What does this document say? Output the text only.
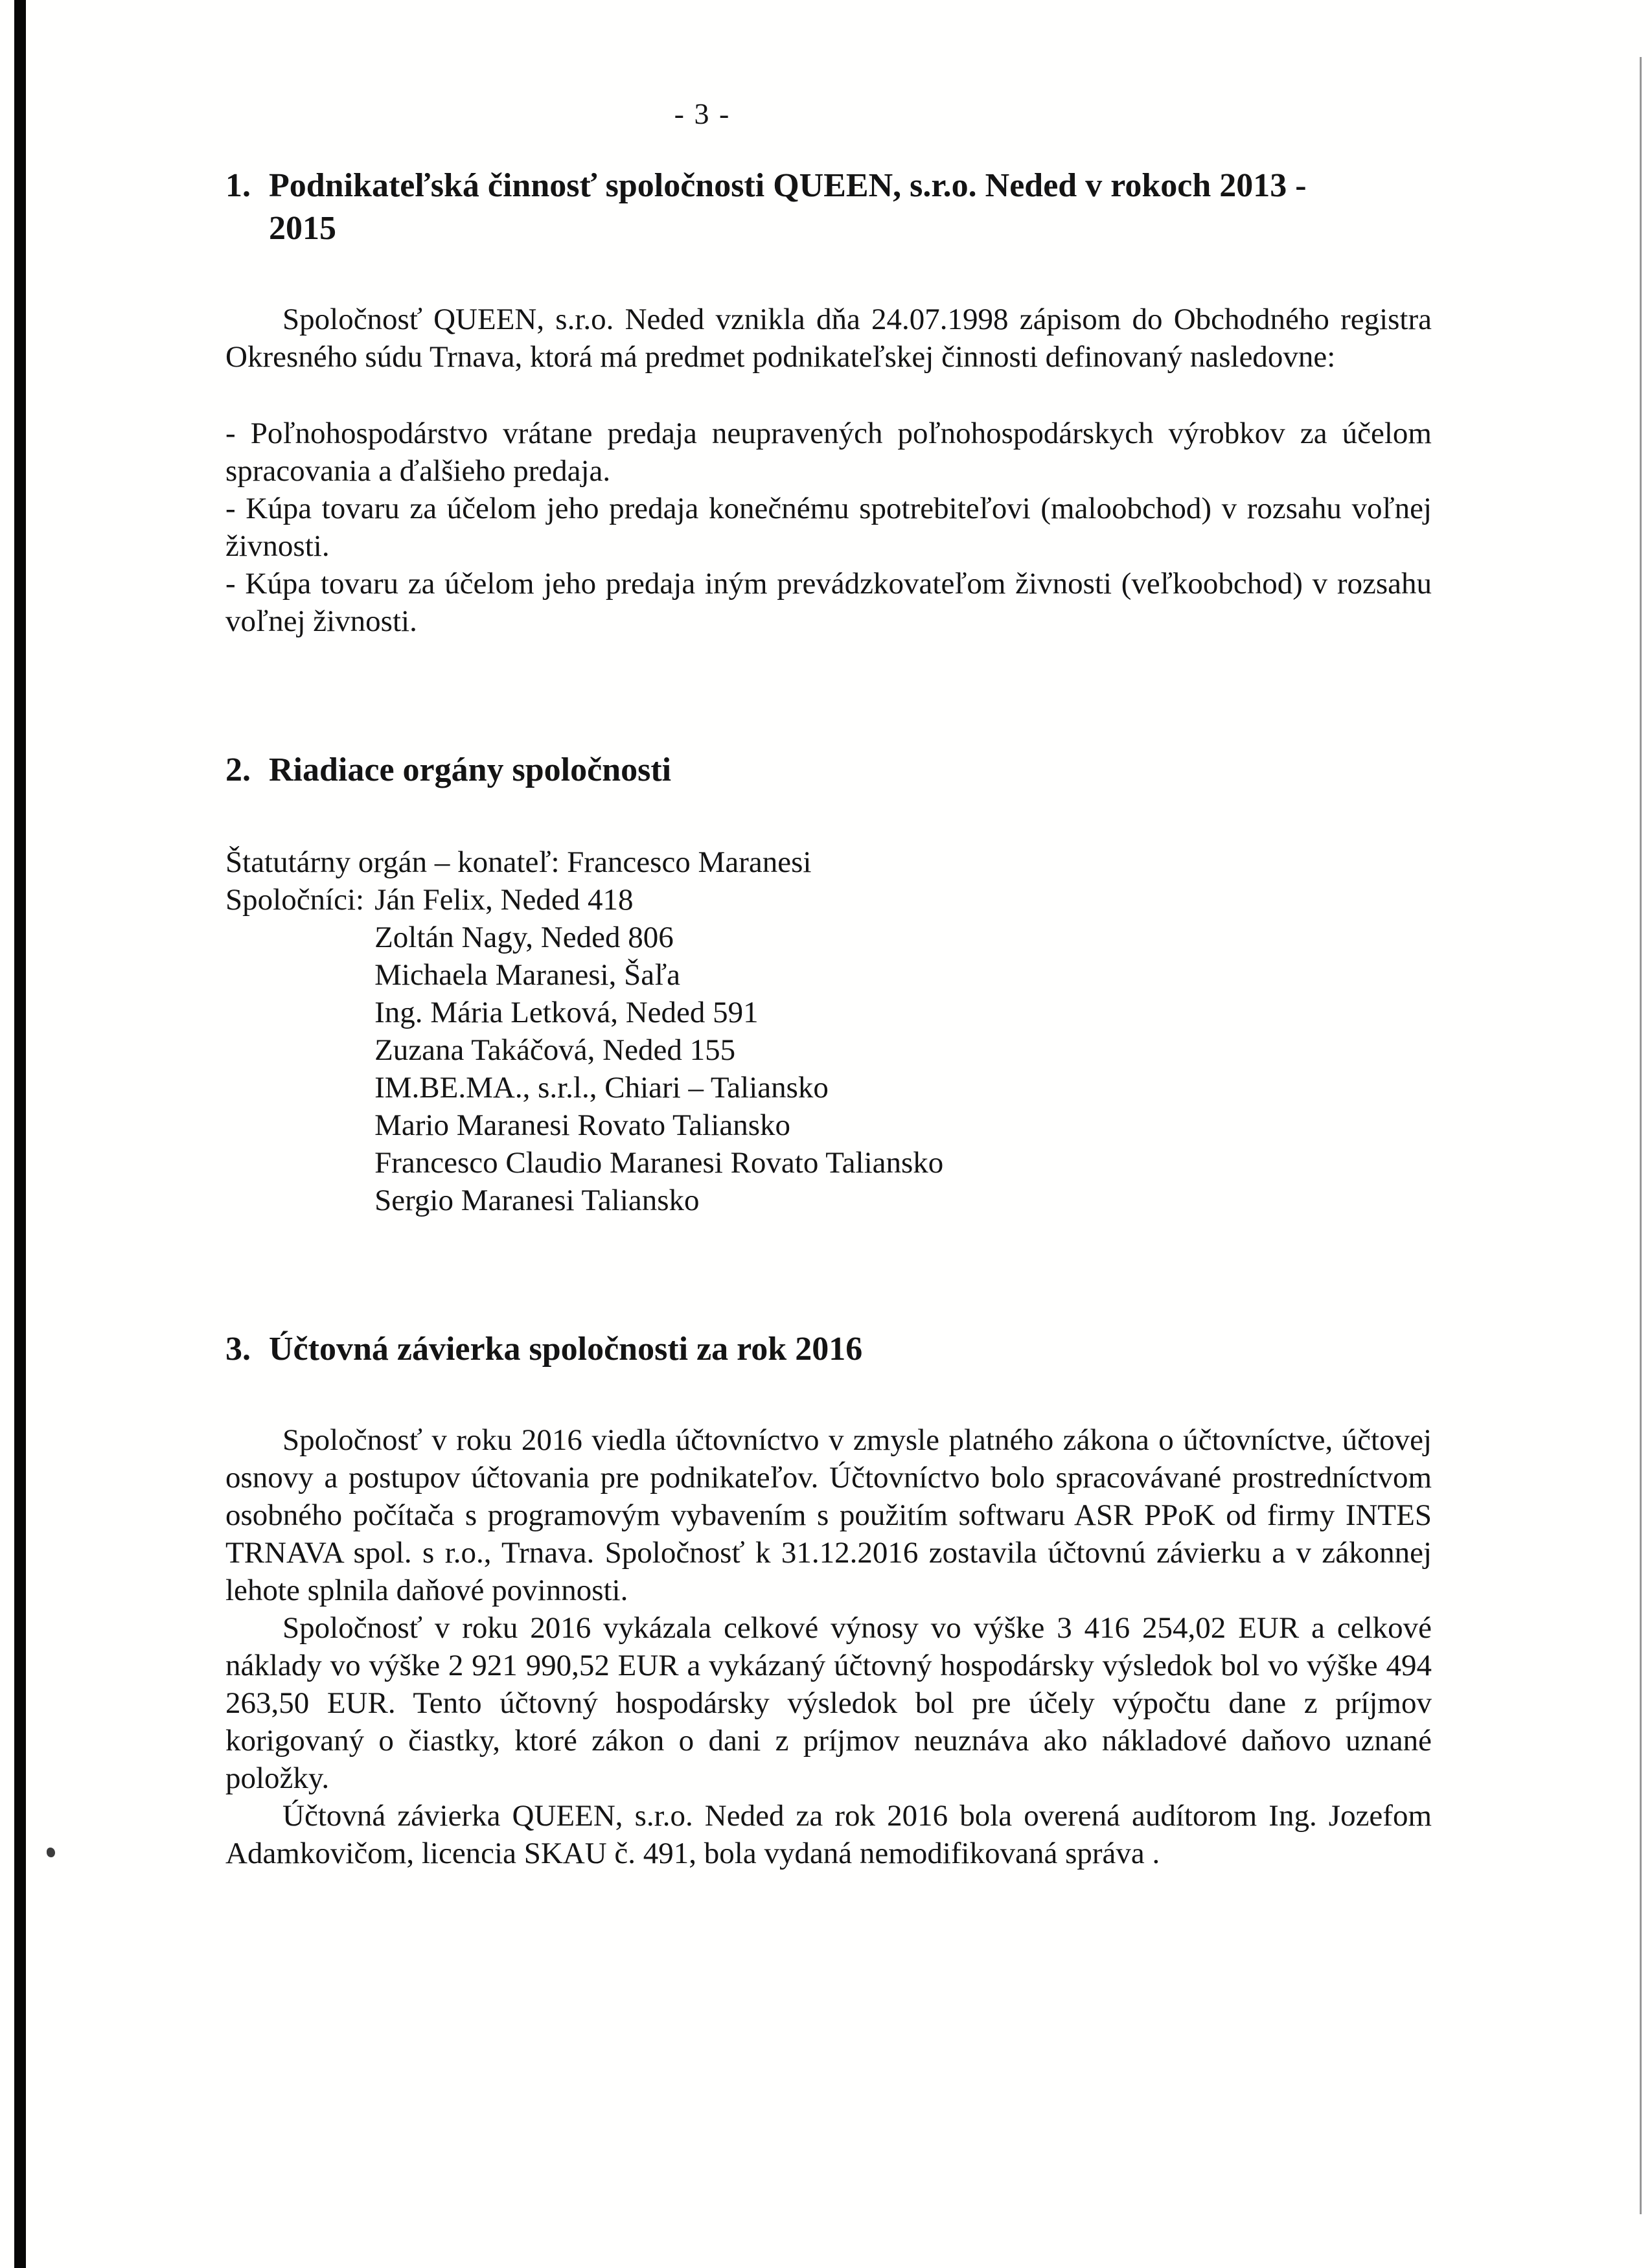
- 3 -
1. Podnikateľská činnosť spoločnosti QUEEN, s.r.o. Neded v rokoch 2013 -
2015

Spoločnosť QUEEN, s.r.o. Neded vznikla dňa 24.07.1998 zápisom do Obchodného registra Okresného súdu Trnava, ktorá má predmet podnikateľskej činnosti definovaný nasledovne:

- Poľnohospodárstvo vrátane predaja neupravených poľnohospodárskych výrobkov za účelom spracovania a ďalšieho predaja.

- Kúpa tovaru za účelom jeho predaja konečnému spotrebiteľovi (maloobchod) v rozsahu voľnej živnosti.

- Kúpa tovaru za účelom jeho predaja iným prevádzkovateľom živnosti (veľkoobchod) v rozsahu voľnej živnosti.

2. Riadiace orgány spoločnosti

Štatutárny orgán – konateľ: Francesco Maranesi

Spoločníci: Ján Felix, Neded 418
Zoltán Nagy, Neded 806
Michaela Maranesi, Šaľa
Ing. Mária Letková, Neded 591
Zuzana Takáčová, Neded 155
IM.BE.MA., s.r.l., Chiari – Taliansko
Mario Maranesi Rovato Taliansko
Francesco Claudio Maranesi Rovato Taliansko
Sergio Maranesi Taliansko
3. Účtovná závierka spoločnosti za rok 2016

Spoločnosť v roku 2016 viedla účtovníctvo v zmysle platného zákona o účtovníctve, účtovej osnovy a postupov účtovania pre podnikateľov. Účtovníctvo bolo spracovávané prostredníctvom osobného počítača s programovým vybavením s použitím softwaru ASR PPoK od firmy INTES TRNAVA spol. s r.o., Trnava. Spoločnosť k 31.12.2016 zostavila účtovnú závierku a v zákonnej lehote splnila daňové povinnosti.

Spoločnosť v roku 2016 vykázala celkové výnosy vo výške 3 416 254,02 EUR a celkové náklady vo výške 2 921 990,52 EUR a vykázaný účtovný hospodársky výsledok bol vo výške 494 263,50 EUR. Tento účtovný hospodársky výsledok bol pre účely výpočtu dane z príjmov korigovaný o čiastky, ktoré zákon o dani z príjmov neuznáva ako nákladové daňovo uznané položky.

Účtovná závierka QUEEN, s.r.o. Neded za rok 2016 bola overená audítorom Ing. Jozefom Adamkovičom, licencia SKAU č. 491, bola vydaná nemodifikovaná správa .
